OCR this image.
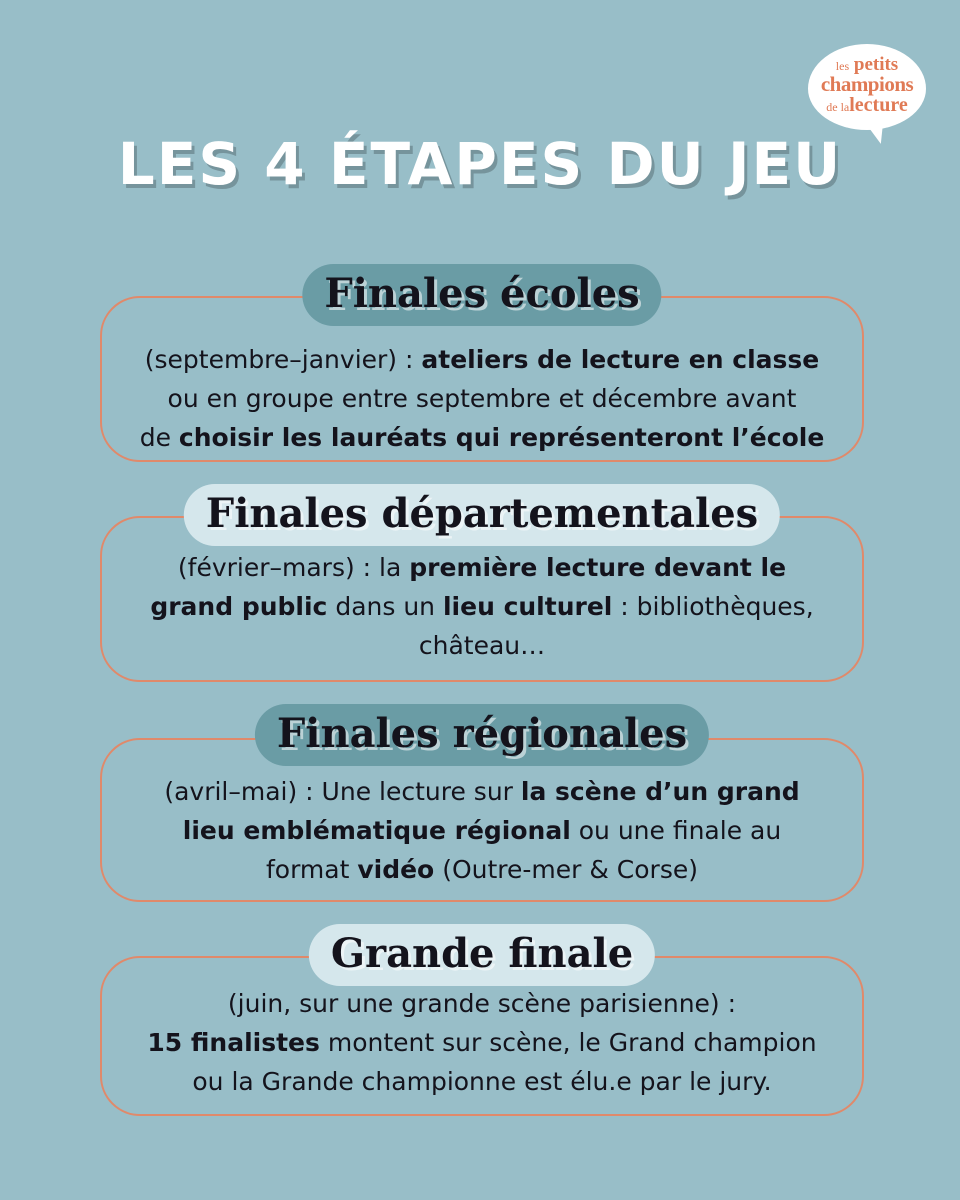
les petits
champions
de lalecture
LES 4 ÉTAPES DU JEU
Finales écoles
(septembre–janvier) : ateliers de lecture en classe
ou en groupe entre septembre et décembre avant
de choisir les lauréats qui représenteront l’école
Finales départementales
(février–mars) : la première lecture devant le
grand public dans un lieu culturel : bibliothèques,
château…
Finales régionales
(avril–mai) : Une lecture sur la scène d’un grand
lieu emblématique régional ou une finale au
format vidéo (Outre-mer & Corse)
Grande finale
(juin, sur une grande scène parisienne) :
15 finalistes montent sur scène, le Grand champion
ou la Grande championne est élu.e par le jury.
